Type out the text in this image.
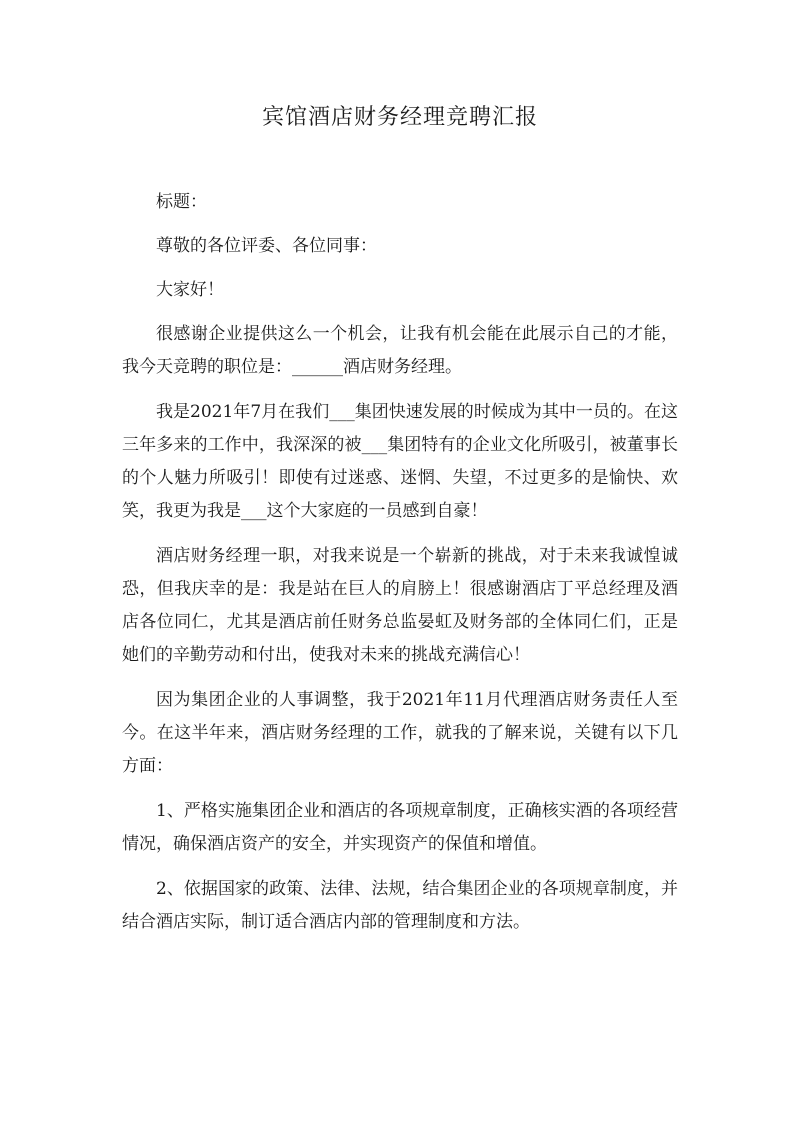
宾馆酒店财务经理竞聘汇报

标题：

尊敬的各位评委、各位同事：

大家好！

很感谢企业提供这么一个机会，让我有机会能在此展示自己的才能，我今天竞聘的职位是：______酒店财务经理。

我是2021年7月在我们___集团快速发展的时候成为其中一员的。在这三年多来的工作中，我深深的被___集团特有的企业文化所吸引，被董事长的个人魅力所吸引！即使有过迷惑、迷惘、失望，不过更多的是愉快、欢笑，我更为我是___这个大家庭的一员感到自豪！

酒店财务经理一职，对我来说是一个崭新的挑战，对于未来我诚惶诚恐，但我庆幸的是：我是站在巨人的肩膀上！很感谢酒店丁平总经理及酒店各位同仁，尤其是酒店前任财务总监晏虹及财务部的全体同仁们，正是她们的辛勤劳动和付出，使我对未来的挑战充满信心！

因为集团企业的人事调整，我于2021年11月代理酒店财务责任人至今。在这半年来，酒店财务经理的工作，就我的了解来说，关键有以下几方面：

1、严格实施集团企业和酒店的各项规章制度，正确核实酒的各项经营情况，确保酒店资产的安全，并实现资产的保值和增值。

2、依据国家的政策、法律、法规，结合集团企业的各项规章制度，并结合酒店实际，制订适合酒店内部的管理制度和方法。
